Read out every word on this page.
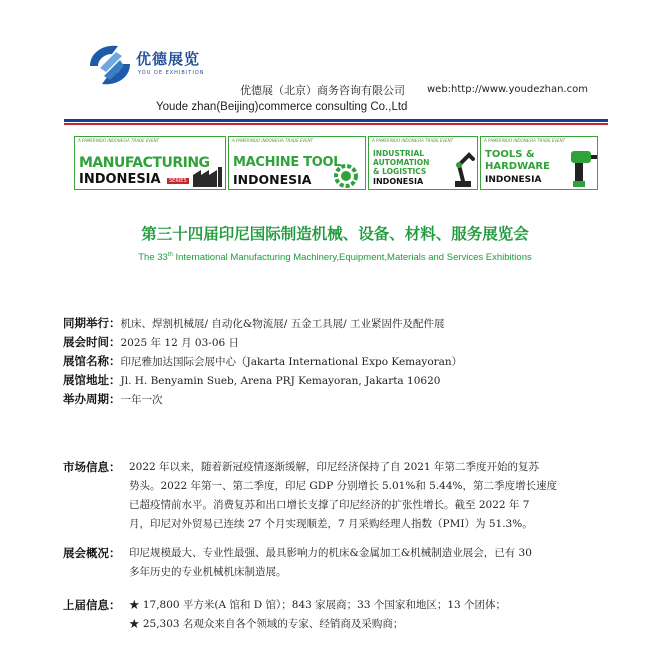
优德展览
YOU DE EXHIBITION
优德展（北京）商务咨询有限公司 web:http://www.youdezhan.com
Youde zhan(Beijing)commerce consulting Co.,Ltd
A PAMERINDO INDONESIA TRADE EVENT
MANUFACTURING
INDONESIA	SERIES
A PAMERINDO INDONESIA TRADE EVENT
MACHINE TOOL
INDONESIA
A PAMERINDO INDONESIA TRADE EVENT
INDUSTRIAL
AUTOMATION
& LOGISTICS
INDONESIA
A PAMERINDO INDONESIA TRADE EVENT
TOOLS &
HARDWARE
INDONESIA
第三十四届印尼国际制造机械、设备、材料、服务展览会
The 33th International Manufacturing Machinery,Equipment,Materials and Services Exhibitions
同期举行：机床、焊割机械展/ 自动化&物流展/ 五金工具展/ 工业紧固件及配件展
展会时间：2025 年 12 月 03-06 日
展馆名称：印尼雅加达国际会展中心（Jakarta International Expo Kemayoran）
展馆地址：Jl. H. Benyamin Sueb, Arena PRJ Kemayoran, Jakarta 10620
举办周期：一年一次
市场信息： 2022 年以来，随着新冠疫情逐渐缓解，印尼经济保持了自 2021 年第二季度开始的复苏
势头。2022 年第一、第二季度，印尼 GDP 分别增长 5.01%和 5.44%，第二季度增长速度
已超疫情前水平。消费复苏和出口增长支撑了印尼经济的扩张性增长。截至 2022 年 7
月，印尼对外贸易已连续 27 个月实现顺差，7 月采购经理人指数（PMI）为 51.3%。
展会概况： 印尼规模最大、专业性最强、最具影响力的机床&金属加工&机械制造业展会，已有 30
多年历史的专业机械机床制造展。
上届信息： ★ 17,800 平方米(A 馆和 D 馆）；843 家展商；33 个国家和地区；13 个团体；
★ 25,303 名观众来自各个领域的专家、经销商及采购商；
